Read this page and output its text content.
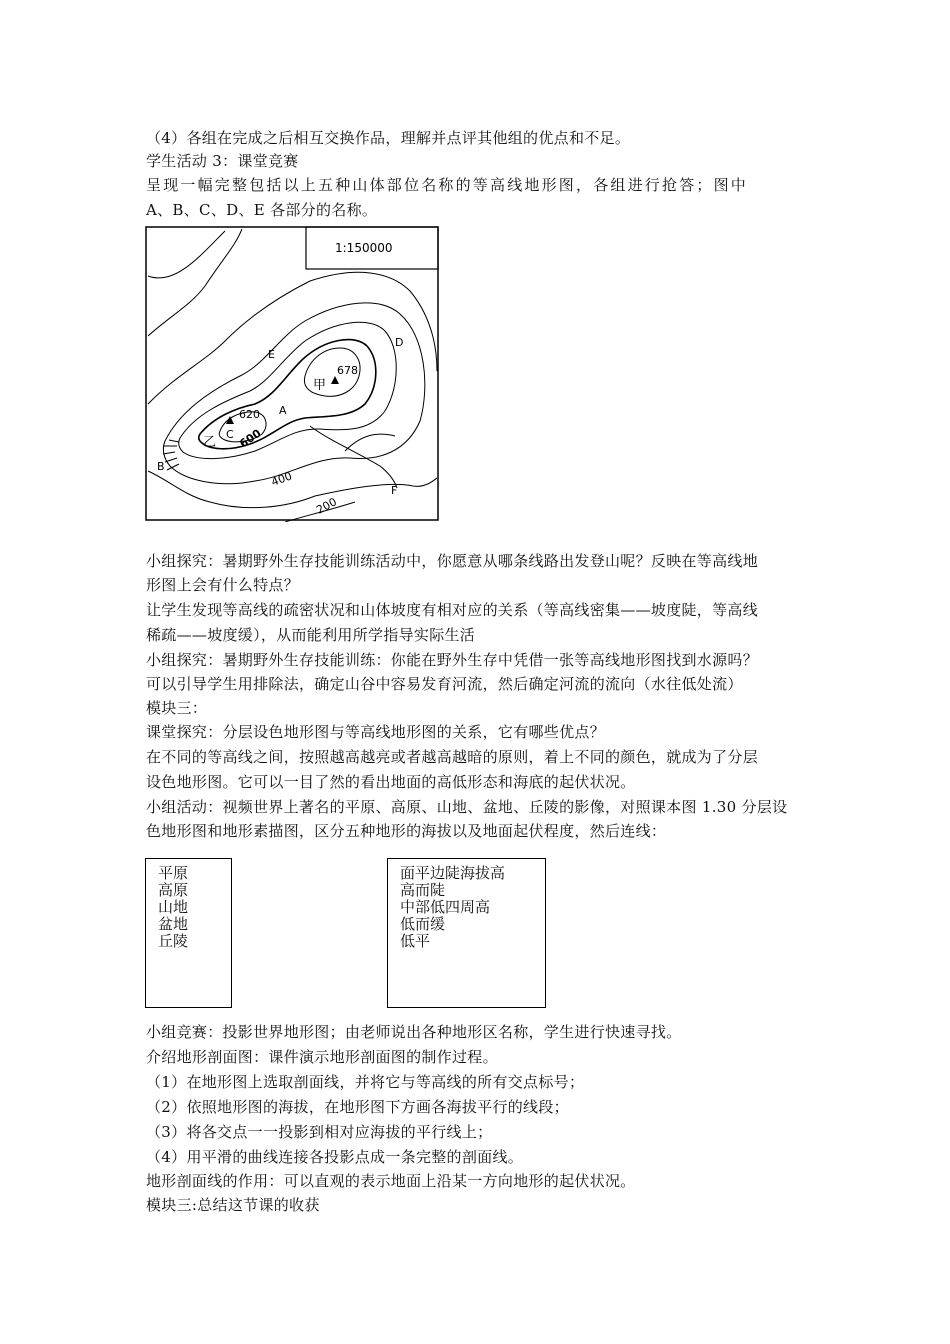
（4）各组在完成之后相互交换作品，理解并点评其他组的优点和不足。
学生活动 3：课堂竞赛
呈现一幅完整包括以上五种山体部位名称的等高线地形图，各组进行抢答；图中
A、B、C、D、E 各部分的名称。
1:150000
678
甲
620
乙
C
A
B
D
E
F
600
400
200
小组探究：暑期野外生存技能训练活动中，你愿意从哪条线路出发登山呢？反映在等高线地
形图上会有什么特点？
让学生发现等高线的疏密状况和山体坡度有相对应的关系（等高线密集——坡度陡，等高线
稀疏——坡度缓），从而能利用所学指导实际生活
小组探究：暑期野外生存技能训练：你能在野外生存中凭借一张等高线地形图找到水源吗？
可以引导学生用排除法，确定山谷中容易发育河流，然后确定河流的流向（水往低处流）
模块三：
课堂探究：分层设色地形图与等高线地形图的关系，它有哪些优点？
在不同的等高线之间，按照越高越亮或者越高越暗的原则，着上不同的颜色，就成为了分层
设色地形图。它可以一目了然的看出地面的高低形态和海底的起伏状况。
小组活动：视频世界上著名的平原、高原、山地、盆地、丘陵的影像，对照课本图 1.30 分层设
色地形图和地形素描图，区分五种地形的海拔以及地面起伏程度，然后连线：
平原
高原
山地
盆地
丘陵
面平边陡海拔高
高而陡
中部低四周高
低而缓
低平
小组竞赛：投影世界地形图；由老师说出各种地形区名称，学生进行快速寻找。
介绍地形剖面图：课件演示地形剖面图的制作过程。
（1）在地形图上选取剖面线，并将它与等高线的所有交点标号；
（2）依照地形图的海拔，在地形图下方画各海拔平行的线段；
（3）将各交点一一投影到相对应海拔的平行线上；
（4）用平滑的曲线连接各投影点成一条完整的剖面线。
地形剖面线的作用：可以直观的表示地面上沿某一方向地形的起伏状况。
模块三:总结这节课的收获
